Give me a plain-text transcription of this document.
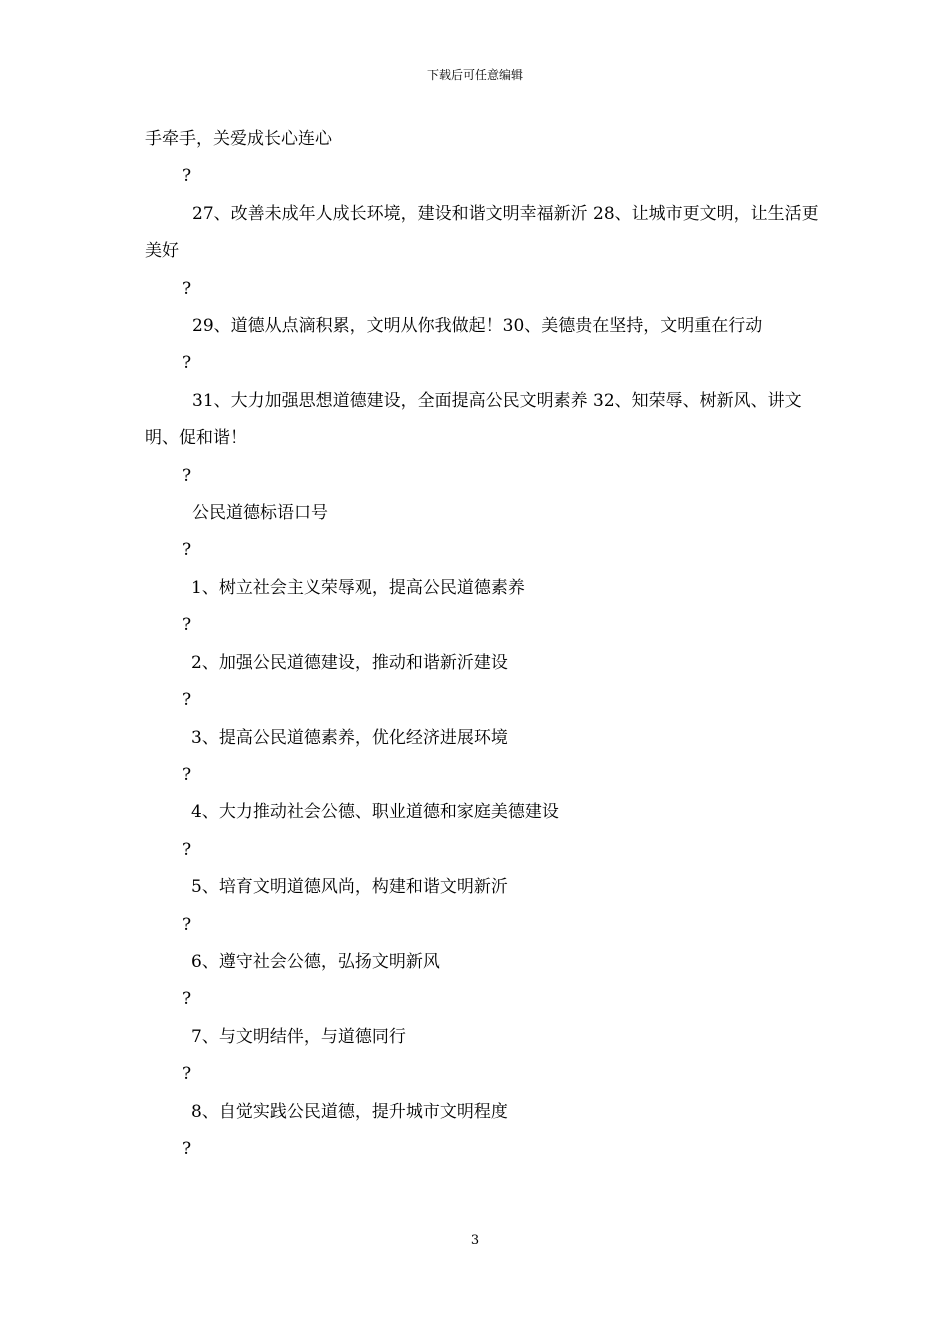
下载后可任意编辑

手牵手，关爱成长心连心

?

27、改善未成年人成长环境，建设和谐文明幸福新沂 28、让城市更文明，让生活更美好

?

29、道德从点滴积累，文明从你我做起！30、美德贵在坚持，文明重在行动

?

31、大力加强思想道德建设，全面提高公民文明素养 32、知荣辱、树新风、讲文明、促和谐！

?

公民道德标语口号

?

1、树立社会主义荣辱观，提高公民道德素养

?

2、加强公民道德建设，推动和谐新沂建设

?

3、提高公民道德素养，优化经济进展环境

?

4、大力推动社会公德、职业道德和家庭美德建设

?

5、培育文明道德风尚，构建和谐文明新沂

?

6、遵守社会公德，弘扬文明新风

?

7、与文明结伴，与道德同行

?

8、自觉实践公民道德，提升城市文明程度

?

3
